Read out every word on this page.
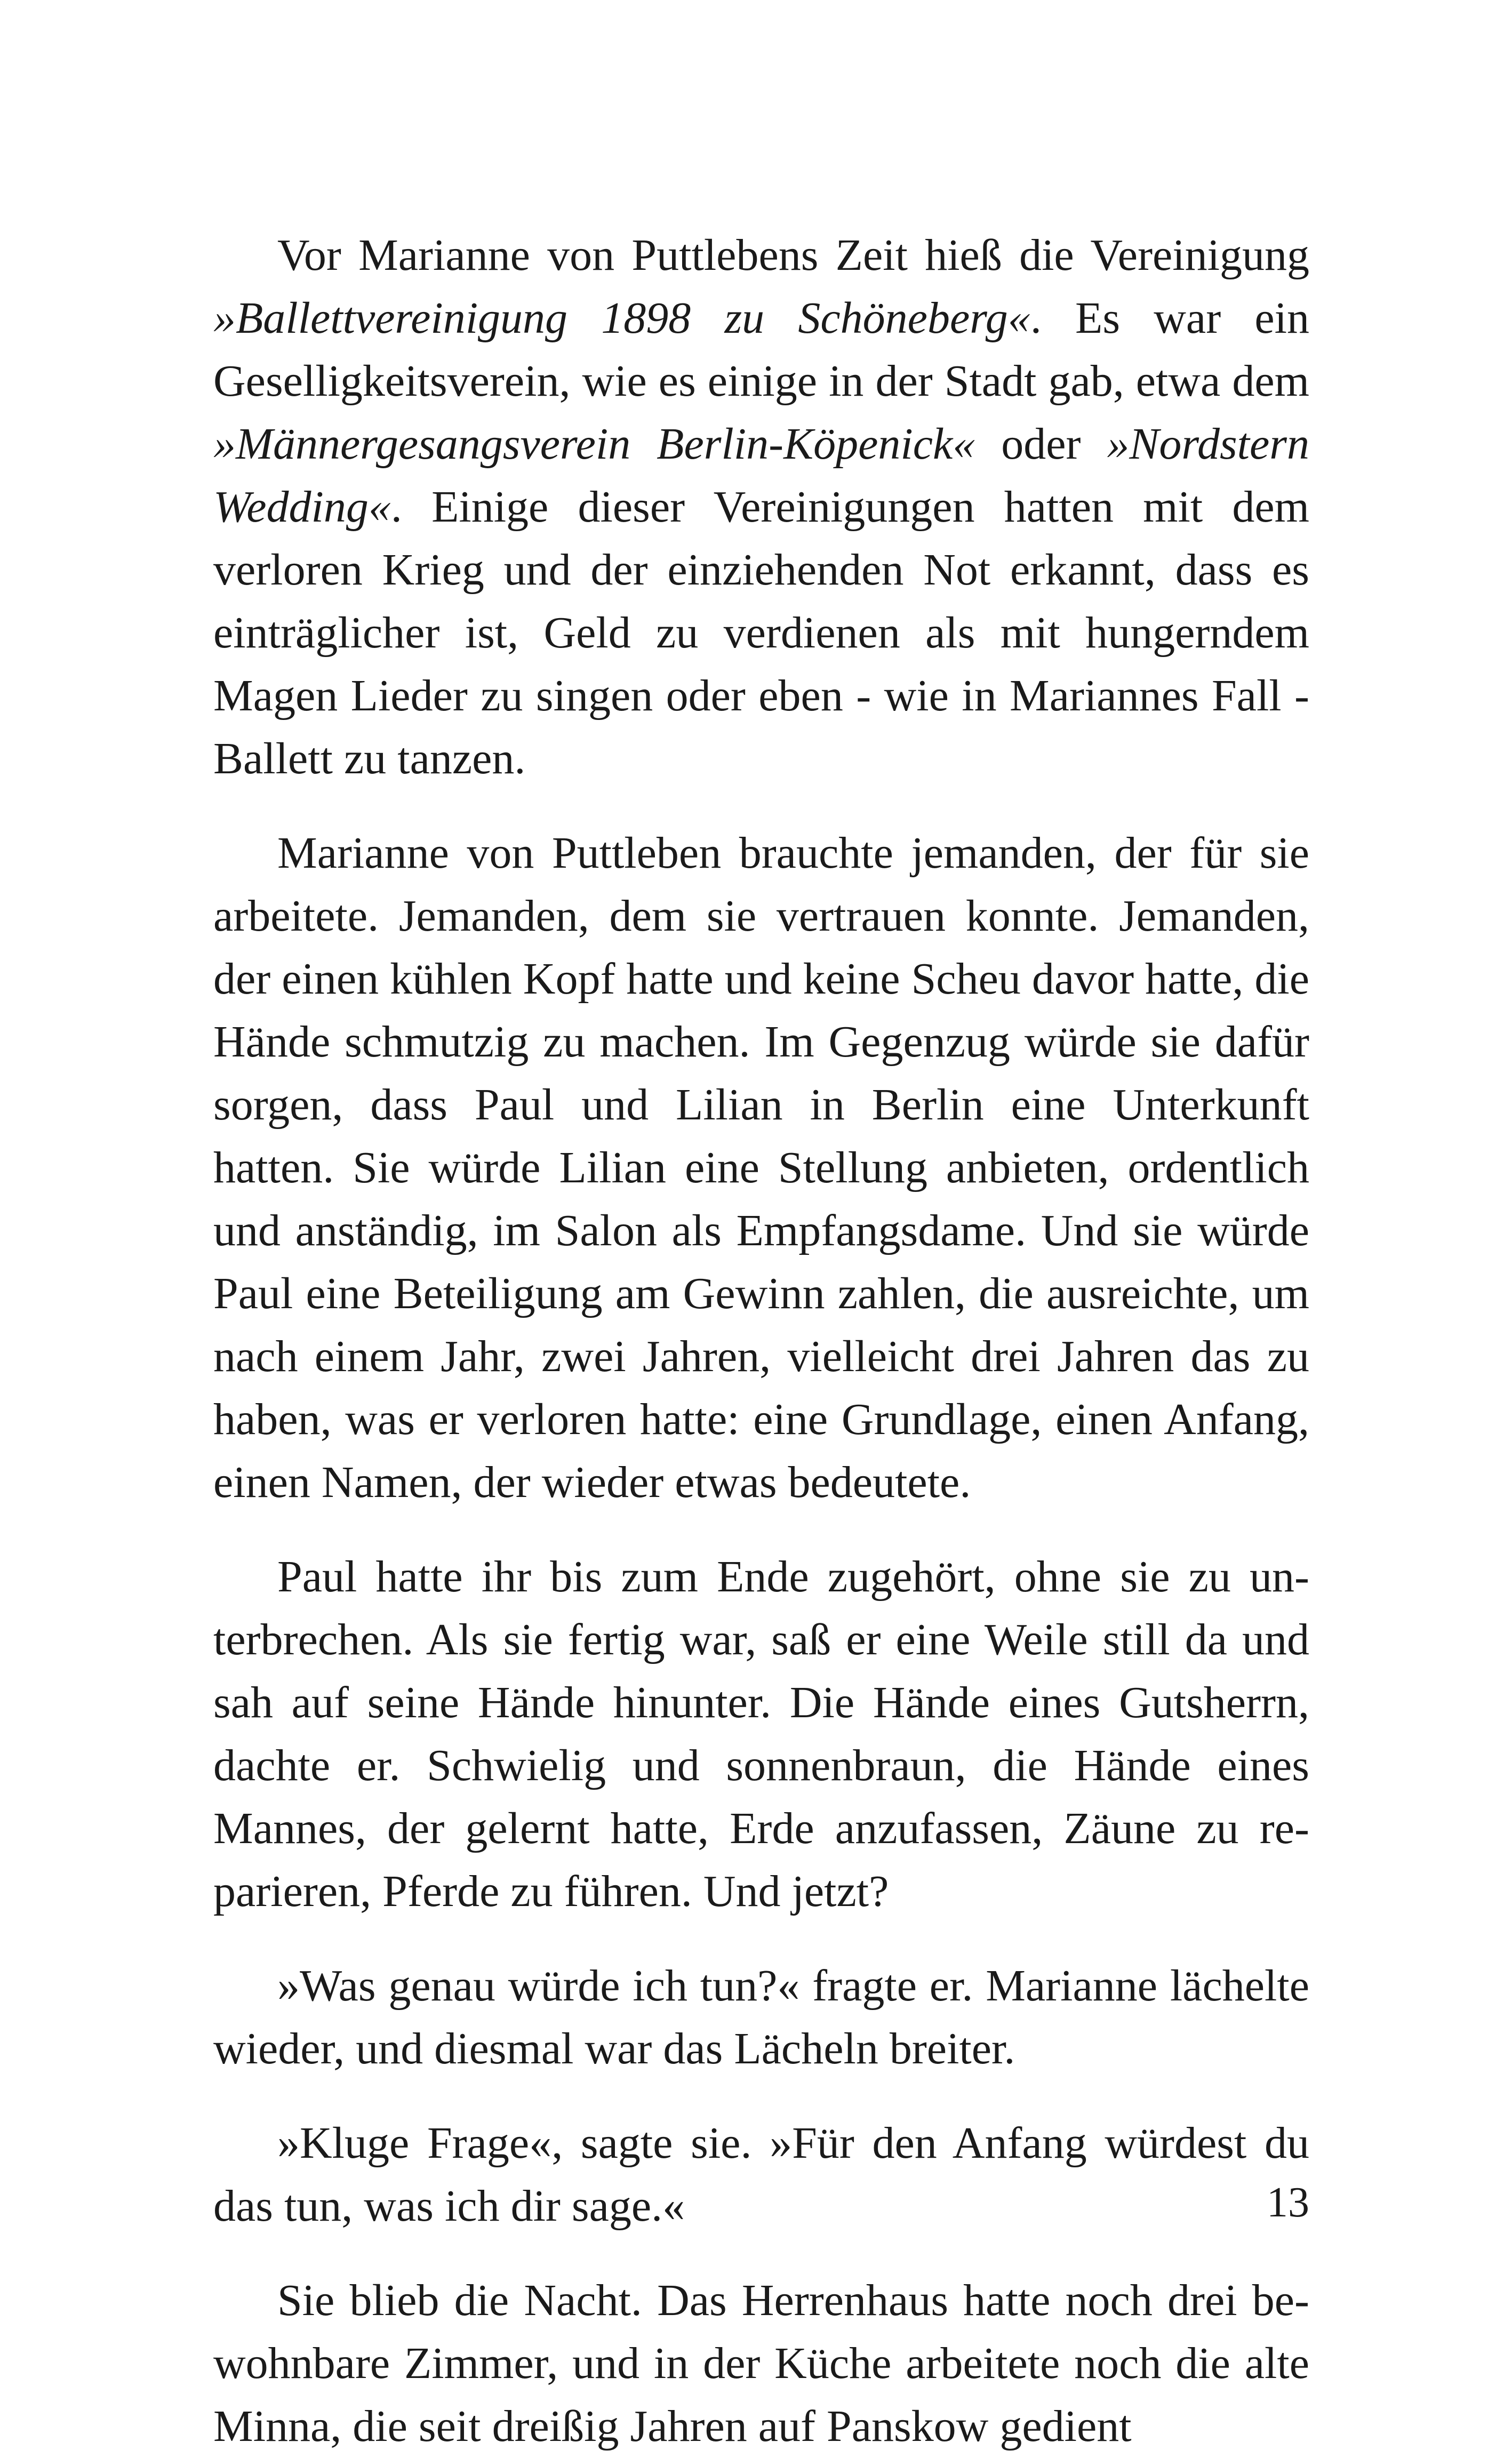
Vor Marianne von Puttlebens Zeit hieß die Vereinigung »Ballettvereinigung 1898 zu Schöneberg«. Es war ein Geselligkeitsverein, wie es einige in der Stadt gab, etwa dem »Männergesangsverein Berlin-Köpenick« oder »Nordstern Wedding«. Einige dieser Vereinigungen hatten mit dem verloren Krieg und der einziehenden Not erkannt, dass es einträglicher ist, Geld zu verdienen als mit hungerndem Magen Lieder zu singen oder eben - wie in Mariannes Fall - Ballett zu tanzen.

Marianne von Puttleben brauchte jemanden, der für sie arbeitete. Jemanden, dem sie vertrauen konnte. Jemanden, der einen kühlen Kopf hatte und keine Scheu davor hatte, die Hände schmutzig zu machen. Im Gegenzug würde sie dafür sorgen, dass Paul und Lilian in Berlin eine Unterkunft hatten. Sie würde Lilian eine Stellung anbieten, ordentlich und anständig, im Salon als Empfangsdame. Und sie würde Paul eine Beteiligung am Gewinn zahlen, die ausreichte, um nach einem Jahr, zwei Jahren, vielleicht drei Jahren das zu haben, was er verloren hatte: eine Grundlage, einen Anfang, einen Namen, der wieder etwas bedeutete.

Paul hatte ihr bis zum Ende zugehört, ohne sie zu unterbrechen. Als sie fertig war, saß er eine Weile still da und sah auf seine Hände hinunter. Die Hände eines Gutsherrn, dachte er. Schwielig und sonnenbraun, die Hände eines Mannes, der gelernt hatte, Erde anzufassen, Zäune zu reparieren, Pferde zu führen. Und jetzt?

»Was genau würde ich tun?« fragte er. Marianne lächelte wieder, und diesmal war das Lächeln breiter.

»Kluge Frage«, sagte sie. »Für den Anfang würdest du das tun, was ich dir sage.«

Sie blieb die Nacht. Das Herrenhaus hatte noch drei bewohnbare Zimmer, und in der Küche arbeitete noch die alte Minna, die seit dreißig Jahren auf Panskow gedient

13
